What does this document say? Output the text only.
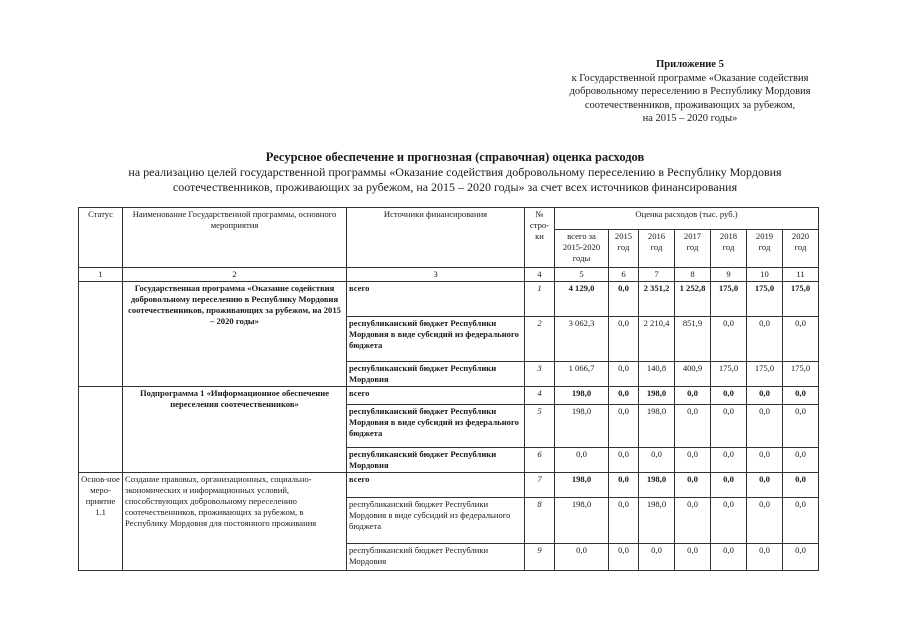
Приложение 5
к Государственной программе «Оказание содействия
добровольному переселению в Республику Мордовия
соотечественников, проживающих за рубежом,
на 2015 – 2020 годы»
Ресурсное обеспечение и прогнозная (справочная) оценка расходов
на реализацию целей государственной программы «Оказание содействия добровольному переселению в Республику Мордовия
соотечественников, проживающих за рубежом, на 2015 – 2020 годы» за счет всех источников финансирования
Статус	Наименование Государственной программы, основного мероприятия	Источники финансирования	№ стро-ки	Оценка расходов (тыс. руб.)						
				всего за 2015-2020 годы	2015 год	2016 год	2017 год	2018 год	2019 год	2020 год
1	2	3	4	5	6	7	8	9	10	11
	Государственная программа «Оказание содействия добровольному переселению в Республику Мордовия соотечественников, проживающих за рубежом, на 2015 – 2020 годы»	всего	1	4 129,0	0,0	2 351,2	1 252,8	175,0	175,0	175,0
		республиканский бюджет Республики Мордовия в виде субсидий из федерального бюджета	2	3 062,3	0,0	2 210,4	851,9	0,0	0,0	0,0
		республиканский бюджет Республики Мордовия	3	1 066,7	0,0	140,8	400,9	175,0	175,0	175,0
	Подпрограмма 1 «Информационное обеспечение переселения соотечественников»	всего	4	198,0	0,0	198,0	0,0	0,0	0,0	0,0
		республиканский бюджет Республики Мордовия в виде субсидий из федерального бюджета	5	198,0	0,0	198,0	0,0	0,0	0,0	0,0
		республиканский бюджет Республики Мордовия	6	0,0	0,0	0,0	0,0	0,0	0,0	0,0
Основ-ное меро-приятие 1.1	Создание правовых, организационных, социально-экономических и информационных условий, способствующих добровольному переселению соотечественников, проживающих за рубежом, в Республику Мордовия для постоянного проживания	всего	7	198,0	0,0	198,0	0,0	0,0	0,0	0,0
		республиканский бюджет Республики Мордовия в виде субсидий из федерального бюджета	8	198,0	0,0	198,0	0,0	0,0	0,0	0,0
		республиканский бюджет Республики Мордовия	9	0,0	0,0	0,0	0,0	0,0	0,0	0,0
